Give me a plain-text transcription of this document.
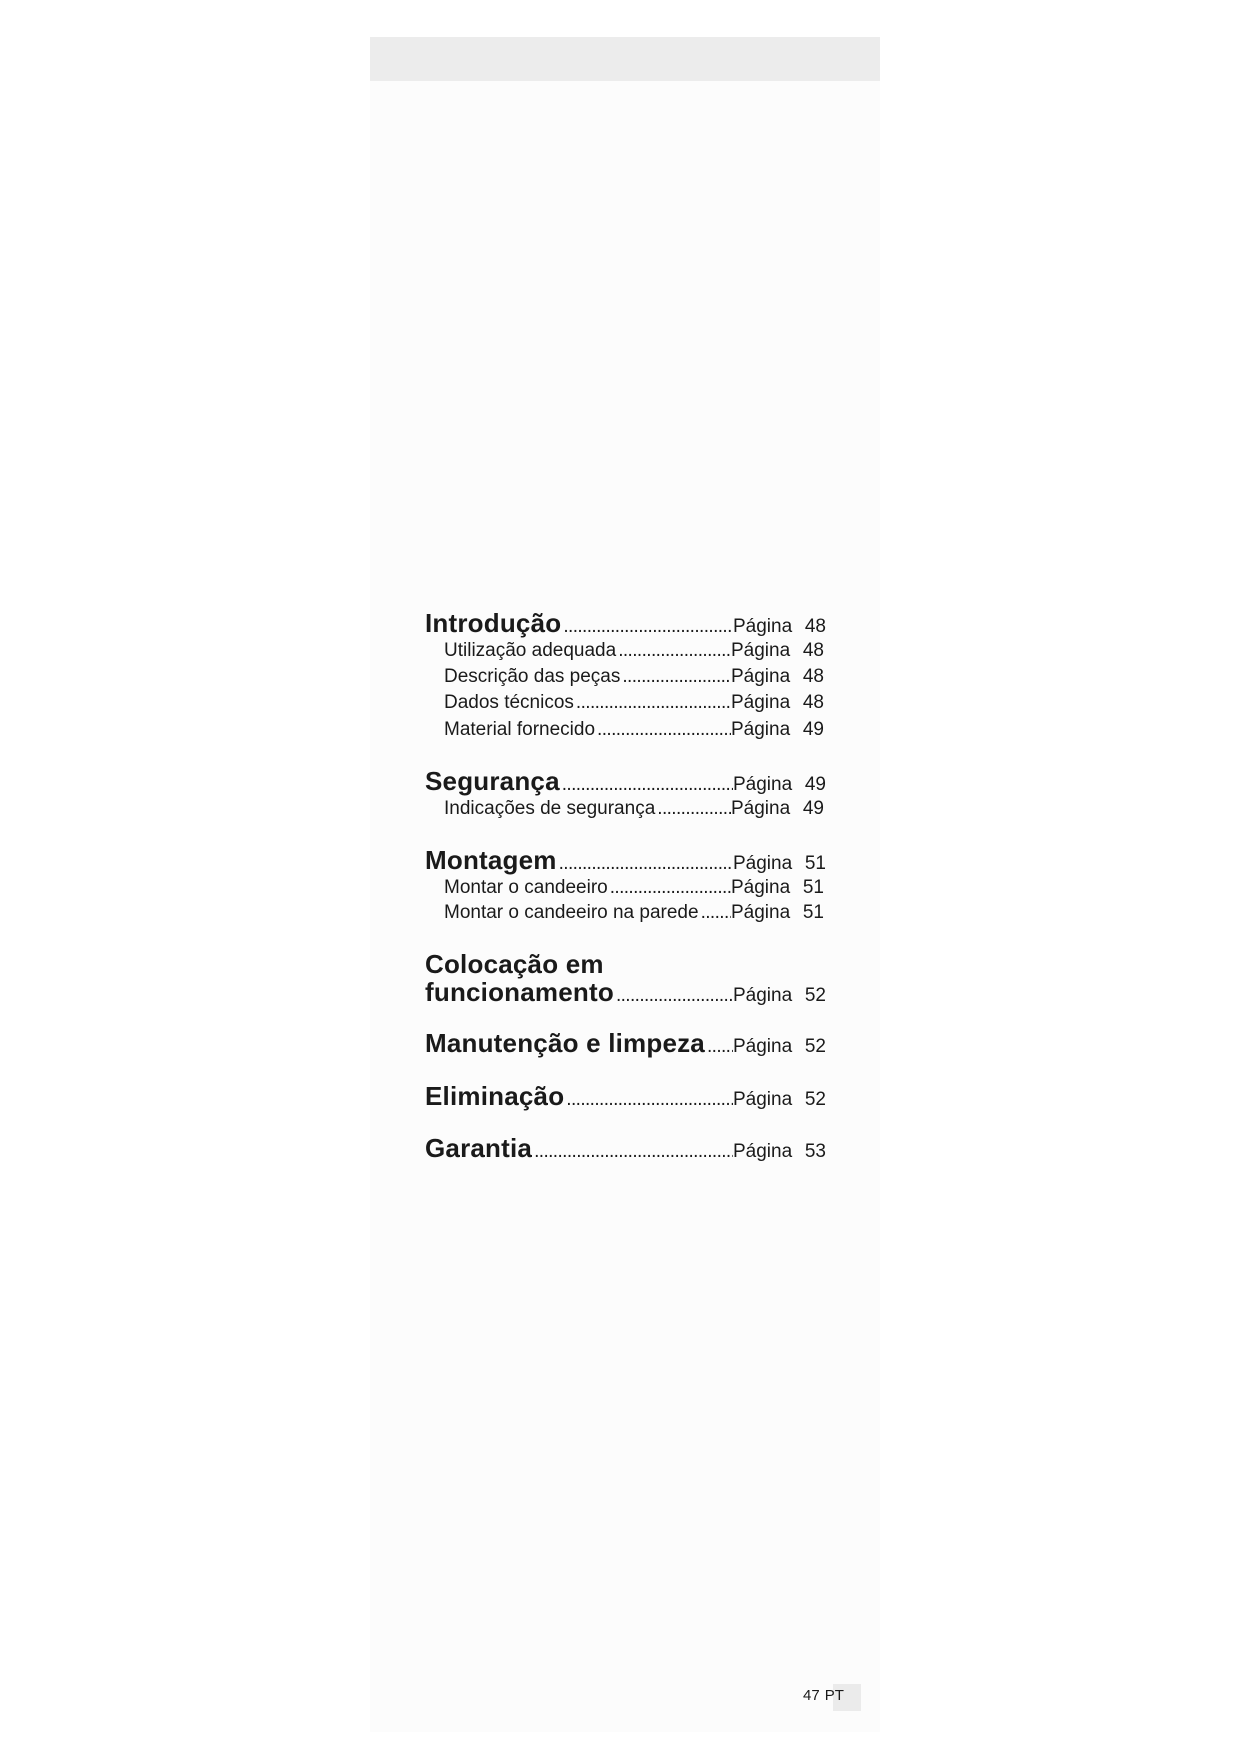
Introdução .....	Página 48
Utilização adequada .....	Página 48
Descrição das peças .....	Página 48
Dados técnicos .....	Página 48
Material fornecido .....	Página 49
Segurança .....	Página 49
Indicações de segurança .....	Página 49
Montagem .....	Página 51
Montar o candeeiro .....	Página 51
Montar o candeeiro na parede ..... Página 51
Colocação em
funcionamento .....	Página 52
Manutenção e limpeza ..... Página 52
Eliminação .....	Página 52
Garantia .....	Página 53
47 PT
